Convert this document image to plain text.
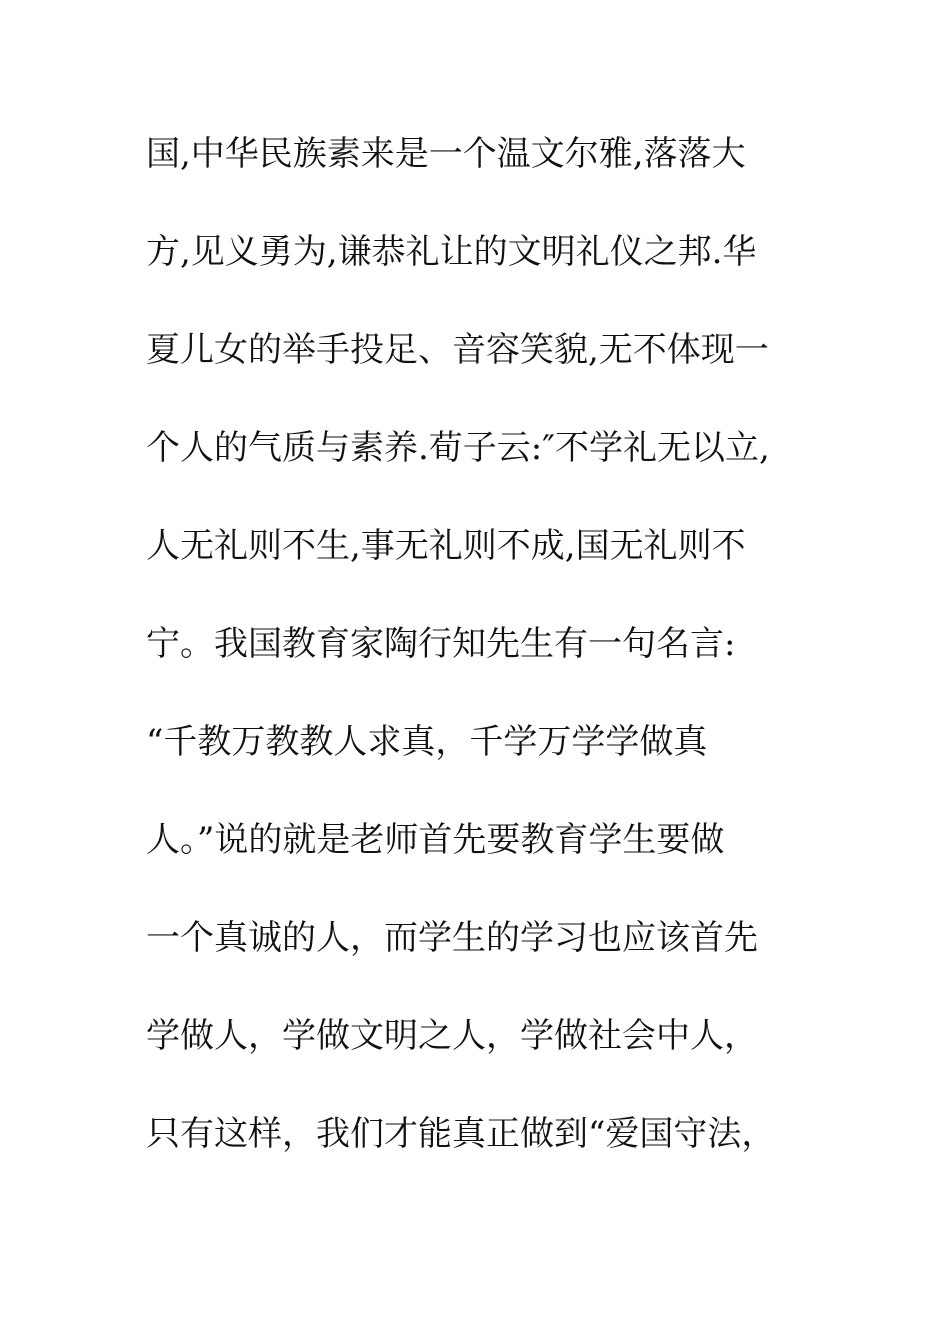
国,中华民族素来是一个温文尔雅,落落大
方,见义勇为,谦恭礼让的文明礼仪之邦.华
夏儿女的举手投足、音容笑貌,无不体现一
个人的气质与素养.荀子云:″不学礼无以立,
人无礼则不生,事无礼则不成,国无礼则不
宁。我国教育家陶行知先生有一句名言:
“千教万教教人求真，千学万学学做真
人。”说的就是老师首先要教育学生要做
一个真诚的人，而学生的学习也应该首先
学做人，学做文明之人，学做社会中人，
只有这样，我们才能真正做到“爱国守法，
